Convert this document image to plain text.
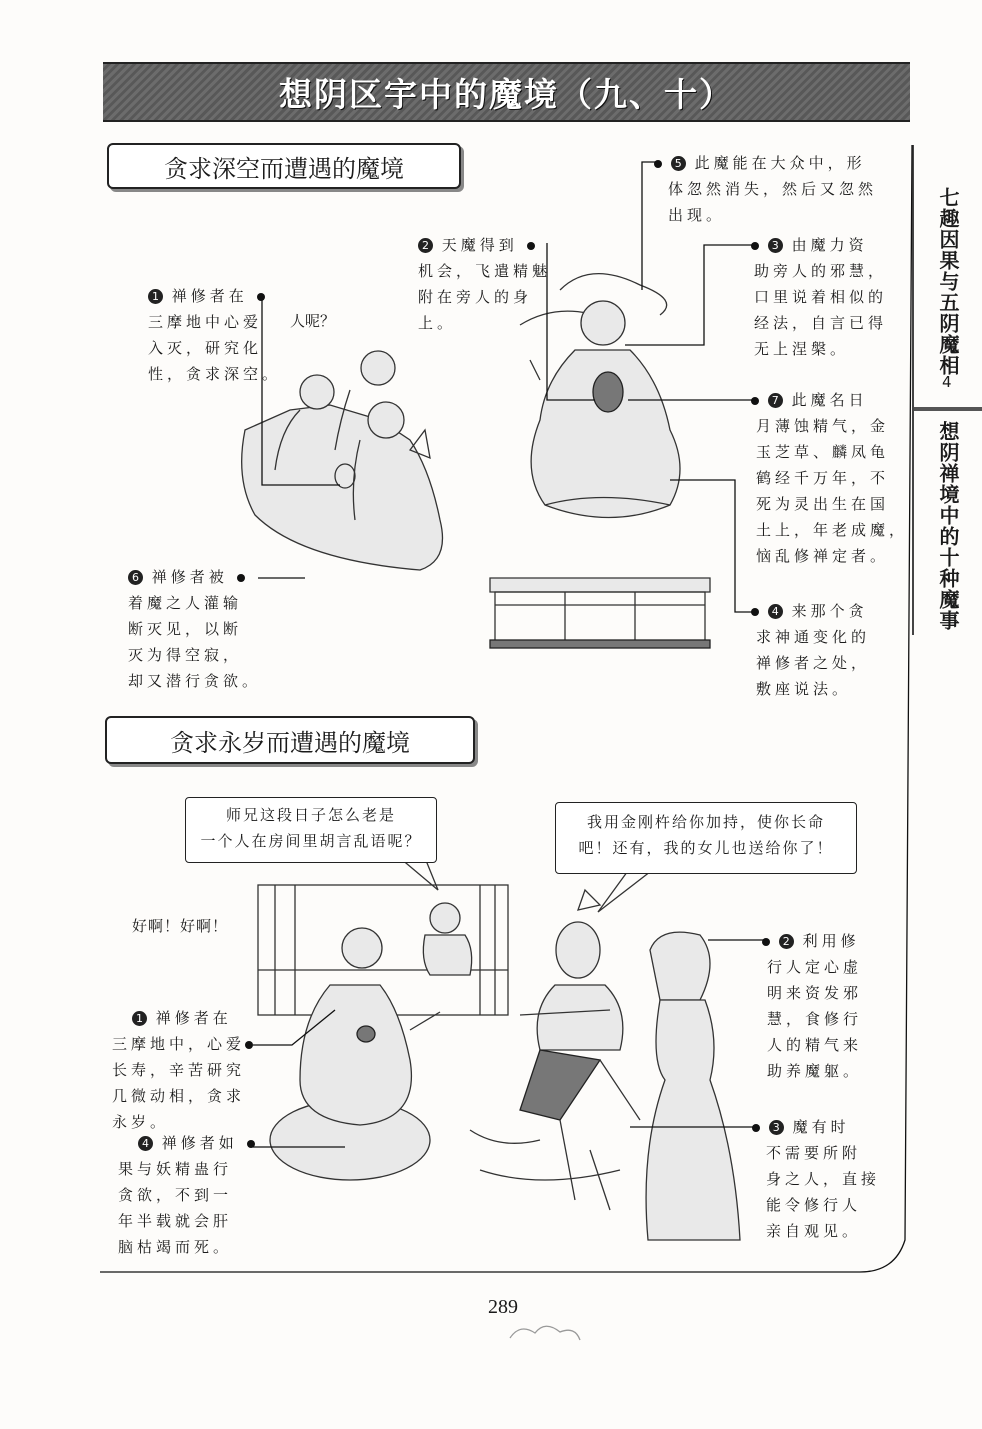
想阴区宇中的魔境（九、十）
七趣因果与五阴魔相
4
想阴禅境中的十种魔事
贪求深空而遭遇的魔境
1 禅修者在
三摩地中心爱
入灭，研究化
性，贪求深空。
人呢？
2 天魔得到
机会，飞遣精魅
附在旁人的身
上。
5 此魔能在大众中，形
体忽然消失，然后又忽然
出现。
3 由魔力资
助旁人的邪慧，
口里说着相似的
经法，自言已得
无上涅槃。
7 此魔名日
月薄蚀精气，金
玉芝草、麟凤龟
鹤经千万年，不
死为灵出生在国
土上，年老成魔，
恼乱修禅定者。
4 来那个贪
求神通变化的
禅修者之处，
敷座说法。
6 禅修者被
着魔之人灌输
断灭见，以断
灭为得空寂，
却又潜行贪欲。
贪求永岁而遭遇的魔境
师兄这段日子怎么老是
一个人在房间里胡言乱语呢？
我用金刚杵给你加持，使你长命
吧！还有，我的女儿也送给你了！
好啊！好啊！
1 禅修者在
三摩地中，心爱
长寿，辛苦研究
几微动相，贪求
永岁。
4 禅修者如
果与妖精蛊行
贪欲，不到一
年半载就会肝
脑枯竭而死。
2 利用修
行人定心虚
明来资发邪
慧，食修行
人的精气来
助养魔躯。
3 魔有时
不需要所附
身之人，直接
能令修行人
亲自观见。
289
